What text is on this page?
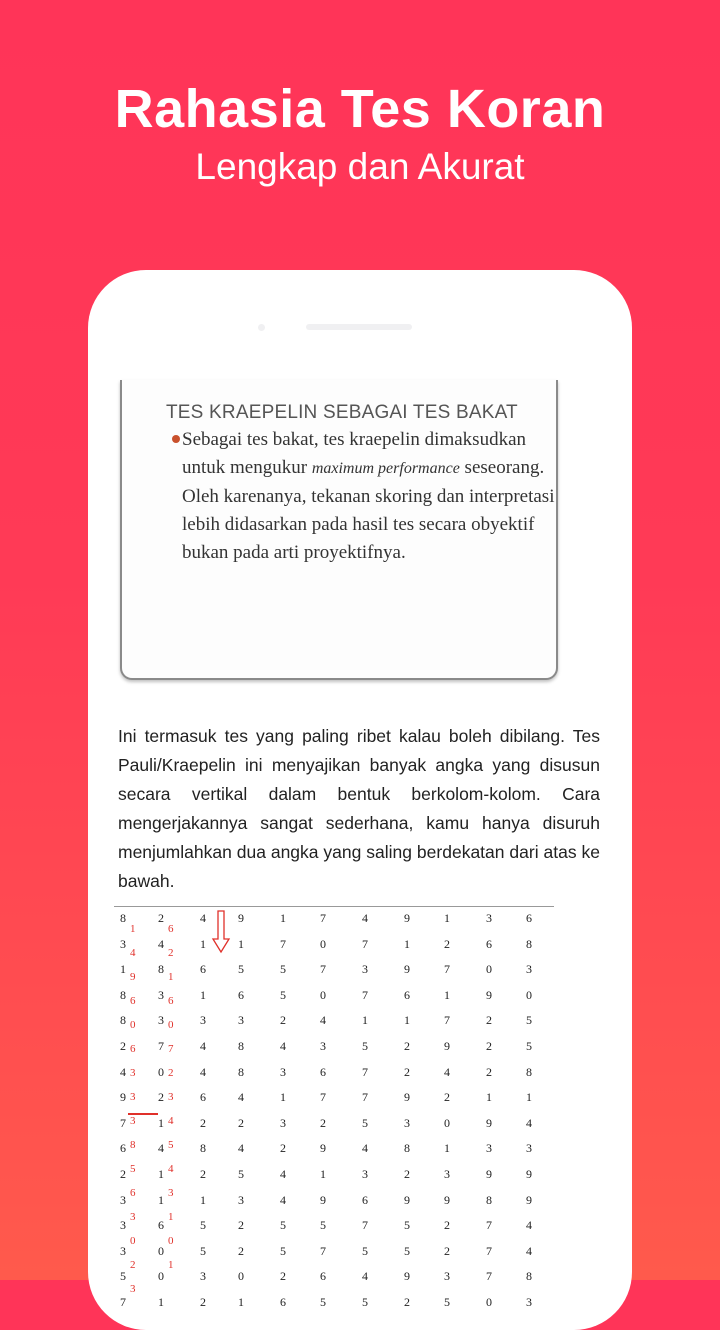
Rahasia Tes Koran
Lengkap dan Akurat
TES KRAEPELIN SEBAGAI TES BAKAT
Sebagai tes bakat, tes kraepelin dimaksudkan untuk mengukur maximum performance seseorang. Oleh karenanya, tekanan skoring dan interpretasi lebih didasarkan pada hasil tes secara obyektif bukan pada arti proyektifnya.
Ini termasuk tes yang paling ribet kalau boleh dibilang. Tes Pauli/Kraepelin ini menyajikan banyak angka yang disusun secara vertikal dalam bentuk berkolom-kolom. Cara mengerjakannya sangat sederhana, kamu hanya disuruh menjumlahkan dua angka yang saling berdekatan dari atas ke bawah.
8
3
1
8
8
2
4
9
7
6
2
3
3
3
5
7
2
4
8
3
3
7
0
2
1
4
1
1
6
0
0
1
4
1
6
1
3
4
4
6
2
8
2
1
5
5
3
2
9
1
5
6
3
8
8
4
2
4
5
3
2
2
0
1
1
7
5
5
2
4
3
1
3
2
4
4
5
5
2
6
7
0
7
0
4
3
6
7
2
9
1
9
5
7
6
5
4
7
3
7
1
5
7
7
5
4
3
6
7
5
4
5
9
1
9
6
1
2
2
9
3
8
2
9
5
5
9
2
1
2
7
1
7
9
4
2
0
1
3
9
2
2
3
5
3
6
0
9
2
2
2
1
9
3
9
8
7
7
7
0
6
8
3
0
5
5
8
1
4
3
9
9
4
4
8
3
1
4
9
6
0
6
3
3
3
8
5
6
3
0
2
3
6
2
1
6
0
7
2
3
4
5
4
3
1
0
1
